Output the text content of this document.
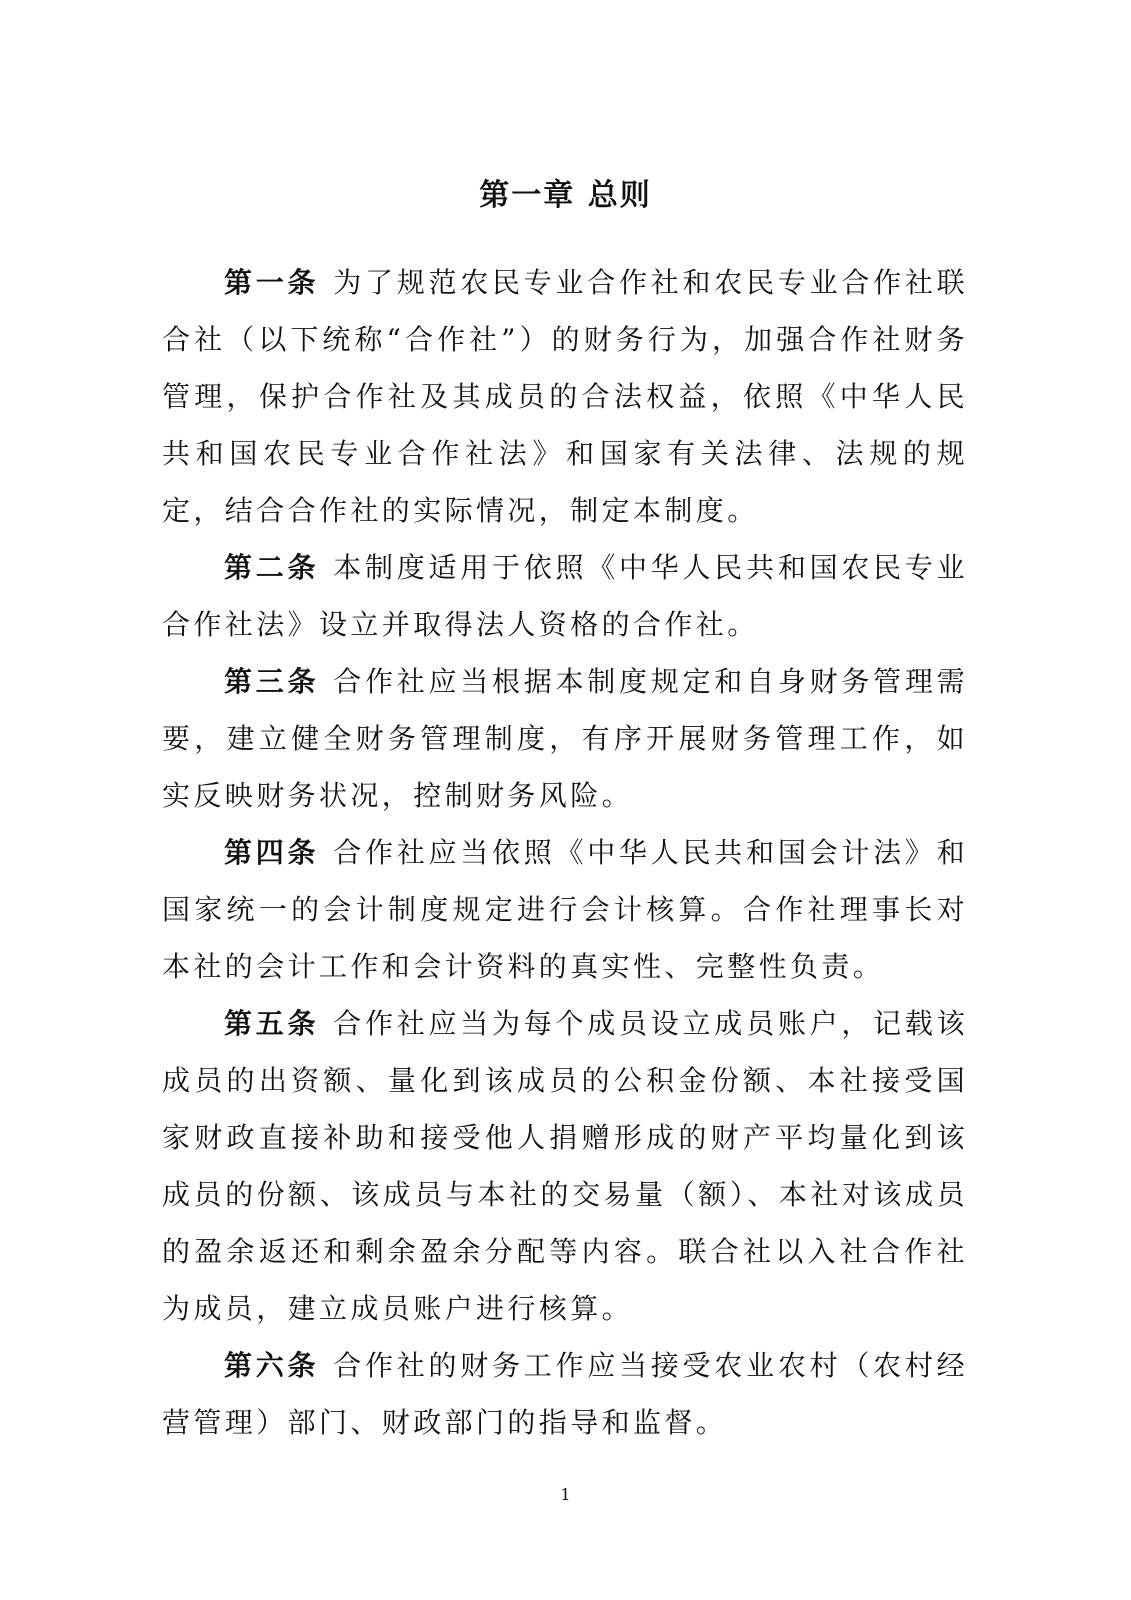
第一章 总则

第一条 为了规范农民专业合作社和农民专业合作社联合社（以下统称“合作社”）的财务行为，加强合作社财务管理，保护合作社及其成员的合法权益，依照《中华人民共和国农民专业合作社法》和国家有关法律、法规的规定，结合合作社的实际情况，制定本制度。

第二条 本制度适用于依照《中华人民共和国农民专业合作社法》设立并取得法人资格的合作社。

第三条 合作社应当根据本制度规定和自身财务管理需要，建立健全财务管理制度，有序开展财务管理工作，如实反映财务状况，控制财务风险。

第四条 合作社应当依照《中华人民共和国会计法》和国家统一的会计制度规定进行会计核算。合作社理事长对本社的会计工作和会计资料的真实性、完整性负责。

第五条 合作社应当为每个成员设立成员账户，记载该成员的出资额、量化到该成员的公积金份额、本社接受国家财政直接补助和接受他人捐赠形成的财产平均量化到该成员的份额、该成员与本社的交易量（额）、本社对该成员的盈余返还和剩余盈余分配等内容。联合社以入社合作社为成员，建立成员账户进行核算。

第六条 合作社的财务工作应当接受农业农村（农村经营管理）部门、财政部门的指导和监督。

1
